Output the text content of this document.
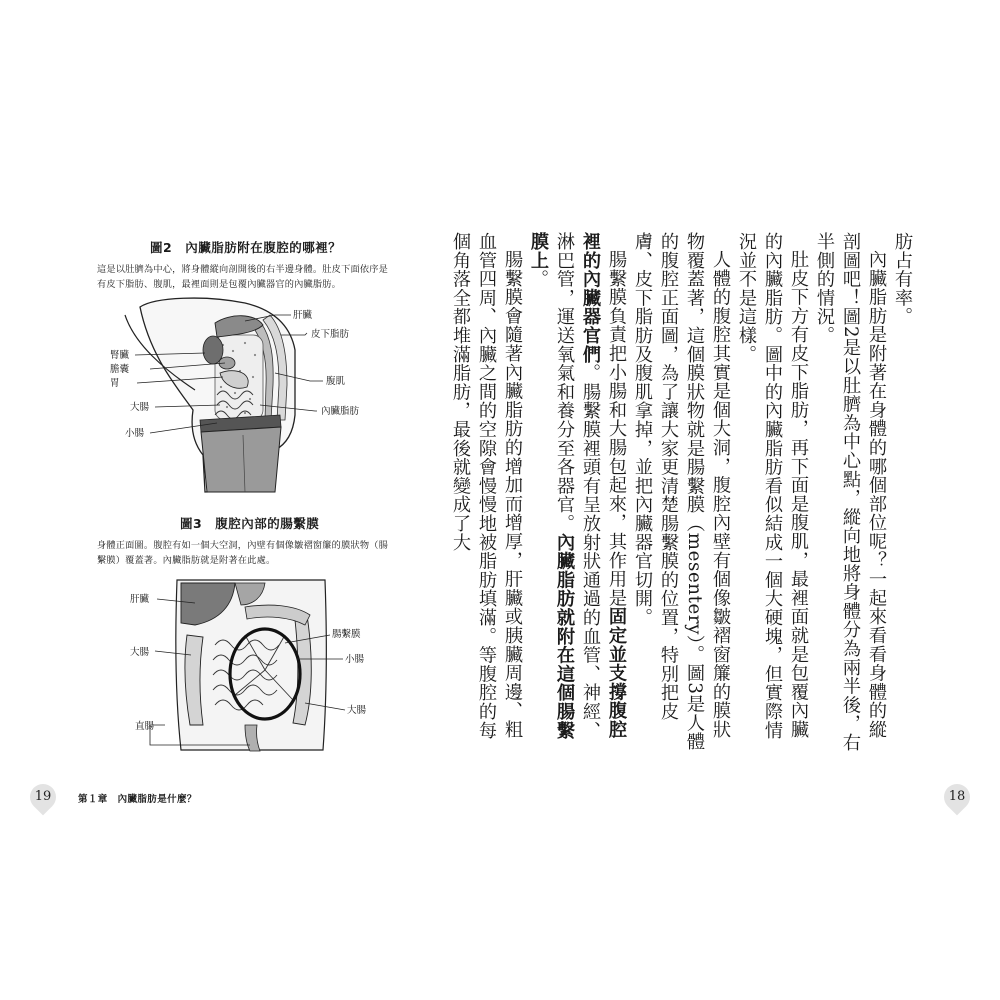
肪占有率。

內臟脂肪是附著在身體的哪個部位呢？一起來看看身體的縱剖圖吧！圖2是以肚臍為中心點，縱向地將身體分為兩半後，右半側的情況。

肚皮下方有皮下脂肪，再下面是腹肌，最裡面就是包覆內臟的內臟脂肪。圖中的內臟脂肪看似結成一個大硬塊，但實際情況並不是這樣。

人體的腹腔其實是個大洞，腹腔內壁有個像皺褶窗簾的膜狀物覆蓋著，這個膜狀物就是腸繫膜（mesentery）。圖3是人體的腹腔正面圖，為了讓大家更清楚腸繫膜的位置，特別把皮膚、皮下脂肪及腹肌拿掉，並把內臟器官切開。

腸繫膜負責把小腸和大腸包起來，其作用是固定並支撐腹腔裡的內臟器官們。腸繫膜裡頭有呈放射狀通過的血管、神經、淋巴管，運送氧氣和養分至各器官。內臟脂肪就附在這個腸繫膜上。

腸繫膜會隨著內臟脂肪的增加而增厚，肝臟或胰臟周邊、粗血管四周、內臟之間的空隙會慢慢地被脂肪填滿。等腹腔的每個角落全都堆滿脂肪，最後就變成了大

圖2　內臟脂肪附在腹腔的哪裡？
這是以肚臍為中心，將身體縱向剖開後的右半邊身體。肚皮下面依序是有皮下脂肪、腹肌，最裡面則是包覆內臟器官的內臟脂肪。
肝臟
皮下脂肪
腎臟
膽囊
胃	腹肌
大腸	內臟脂肪
小腸
圖3　腹腔內部的腸繫膜
身體正面圖。腹腔有如一個大空洞，內壁有個像皺褶窗簾的膜狀物（腸繫膜）覆蓋著。內臟脂肪就是附著在此處。
肝臟
腸繫膜
大腸
小腸
大腸
直腸
19	第１章　內臟脂肪是什麼？	18
